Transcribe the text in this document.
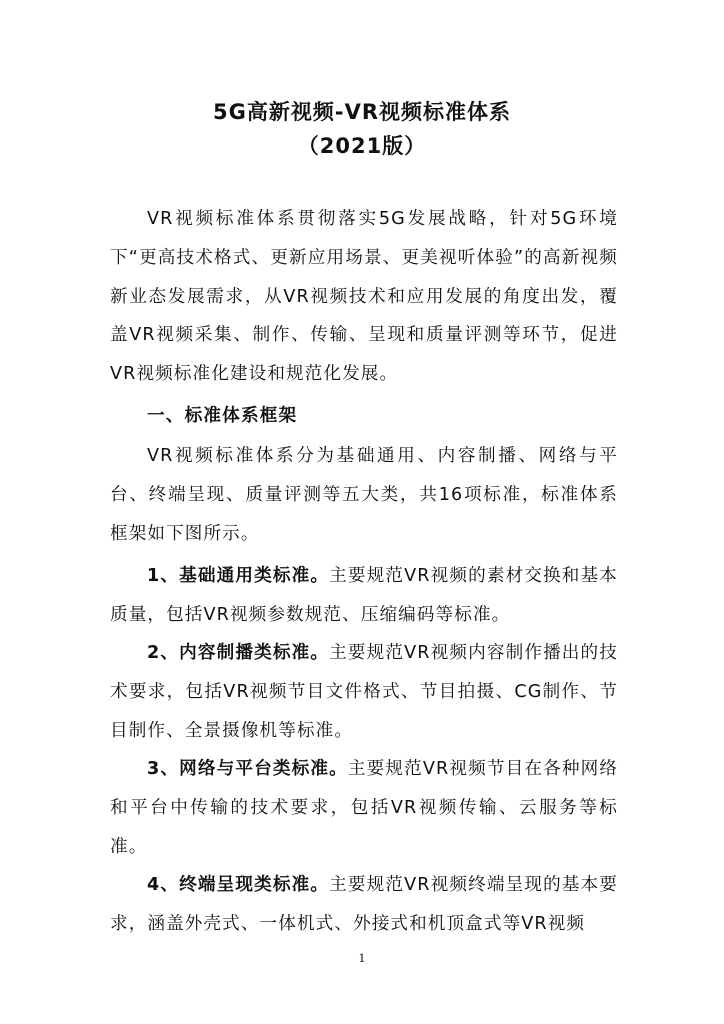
5G高新视频-VR视频标准体系
（2021版）

VR视频标准体系贯彻落实5G发展战略，针对5G环境下“更高技术格式、更新应用场景、更美视听体验”的高新视频新业态发展需求，从VR视频技术和应用发展的角度出发，覆盖VR视频采集、制作、传输、呈现和质量评测等环节，促进VR视频标准化建设和规范化发展。

一、标准体系框架

VR视频标准体系分为基础通用、内容制播、网络与平台、终端呈现、质量评测等五大类，共16项标准，标准体系框架如下图所示。

1、基础通用类标准。主要规范VR视频的素材交换和基本质量，包括VR视频参数规范、压缩编码等标准。

2、内容制播类标准。主要规范VR视频内容制作播出的技术要求，包括VR视频节目文件格式、节目拍摄、CG制作、节目制作、全景摄像机等标准。

3、网络与平台类标准。主要规范VR视频节目在各种网络和平台中传输的技术要求，包括VR视频传输、云服务等标准。

4、终端呈现类标准。主要规范VR视频终端呈现的基本要求，涵盖外壳式、一体机式、外接式和机顶盒式等VR视频

1
